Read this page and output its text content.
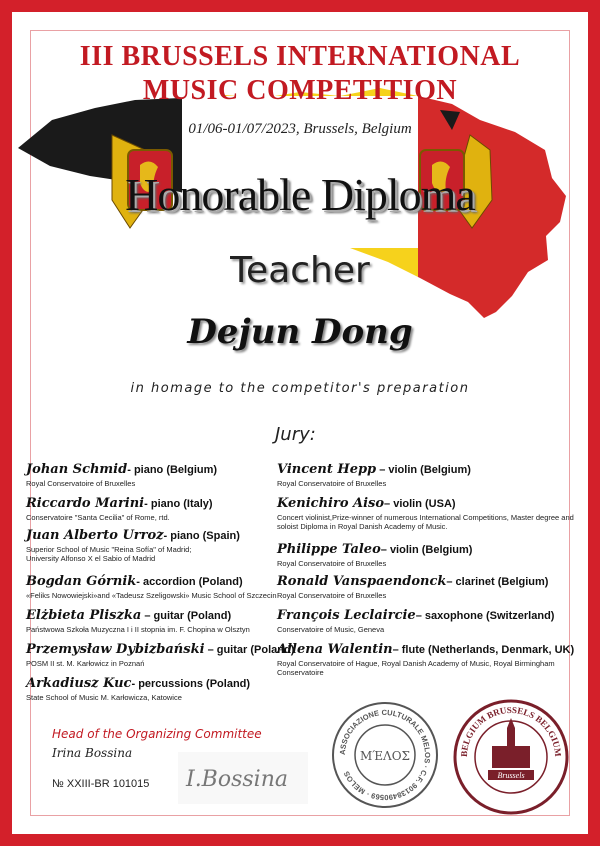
III BRUSSELS INTERNATIONAL
MUSIC COMPETITION
01/06-01/07/2023, Brussels, Belgium
Honorable Diploma
Teacher
Dejun Dong
in homage to the competitor's preparation
Jury:
Johan Schmid- piano (Belgium)
Royal Conservatoire of Bruxelles
Riccardo Marini- piano (Italy)
Conservatoire "Santa Cecilia" of Rome, rtd.
Juan Alberto Urroz- piano (Spain)
Superior School of Music "Reina Sofía" of Madrid; University Alfonso X el Sabio of Madrid
Bogdan Górnik- accordion (Poland)
«Feliks Nowowiejski»and «Tadeusz Szeligowski» Music School of Szczecin
Elżbieta Pliszka – guitar (Poland)
Państwowa Szkoła Muzyczna I i II stopnia im. F. Chopina w Olsztyn
Przemysław Dybizbański – guitar (Poland)
POSM II st. M. Karłowicz in Poznań
Arkadiusz Kuc- percussions (Poland)
State School of Music M. Karłowicza, Katowice
Vincent Hepp – violin (Belgium)
Royal Conservatoire of Bruxelles
Kenichiro Aiso– violin (USA)
Concert violinist,Prize-winner of numerous International Competitions, Master degree and soloist Diploma in Royal Danish Academy of Music.
Philippe Taleo– violin (Belgium)
Royal Conservatoire of Bruxelles
Ronald Vanspaendonck– clarinet (Belgium)
Royal Conservatoire of Bruxelles
François Leclaircie– saxophone (Switzerland)
Conservatoire of Music, Geneva
Allena Walentin– flute (Netherlands, Denmark, UK)
Royal Conservatoire of Hague, Royal Danish Academy of Music, Royal Birmingham Conservatoire
Head of the Organizing Committee
Irina Bossina
№ XXIII-BR 101015 I.Bossina
ASSOCIAZIONE CULTURALE MELOS · C.F. 90138490569 · MELOS
ΜΈΛΟΣ	BELGIUM BRUSSELS BELGIUM
Brussels
